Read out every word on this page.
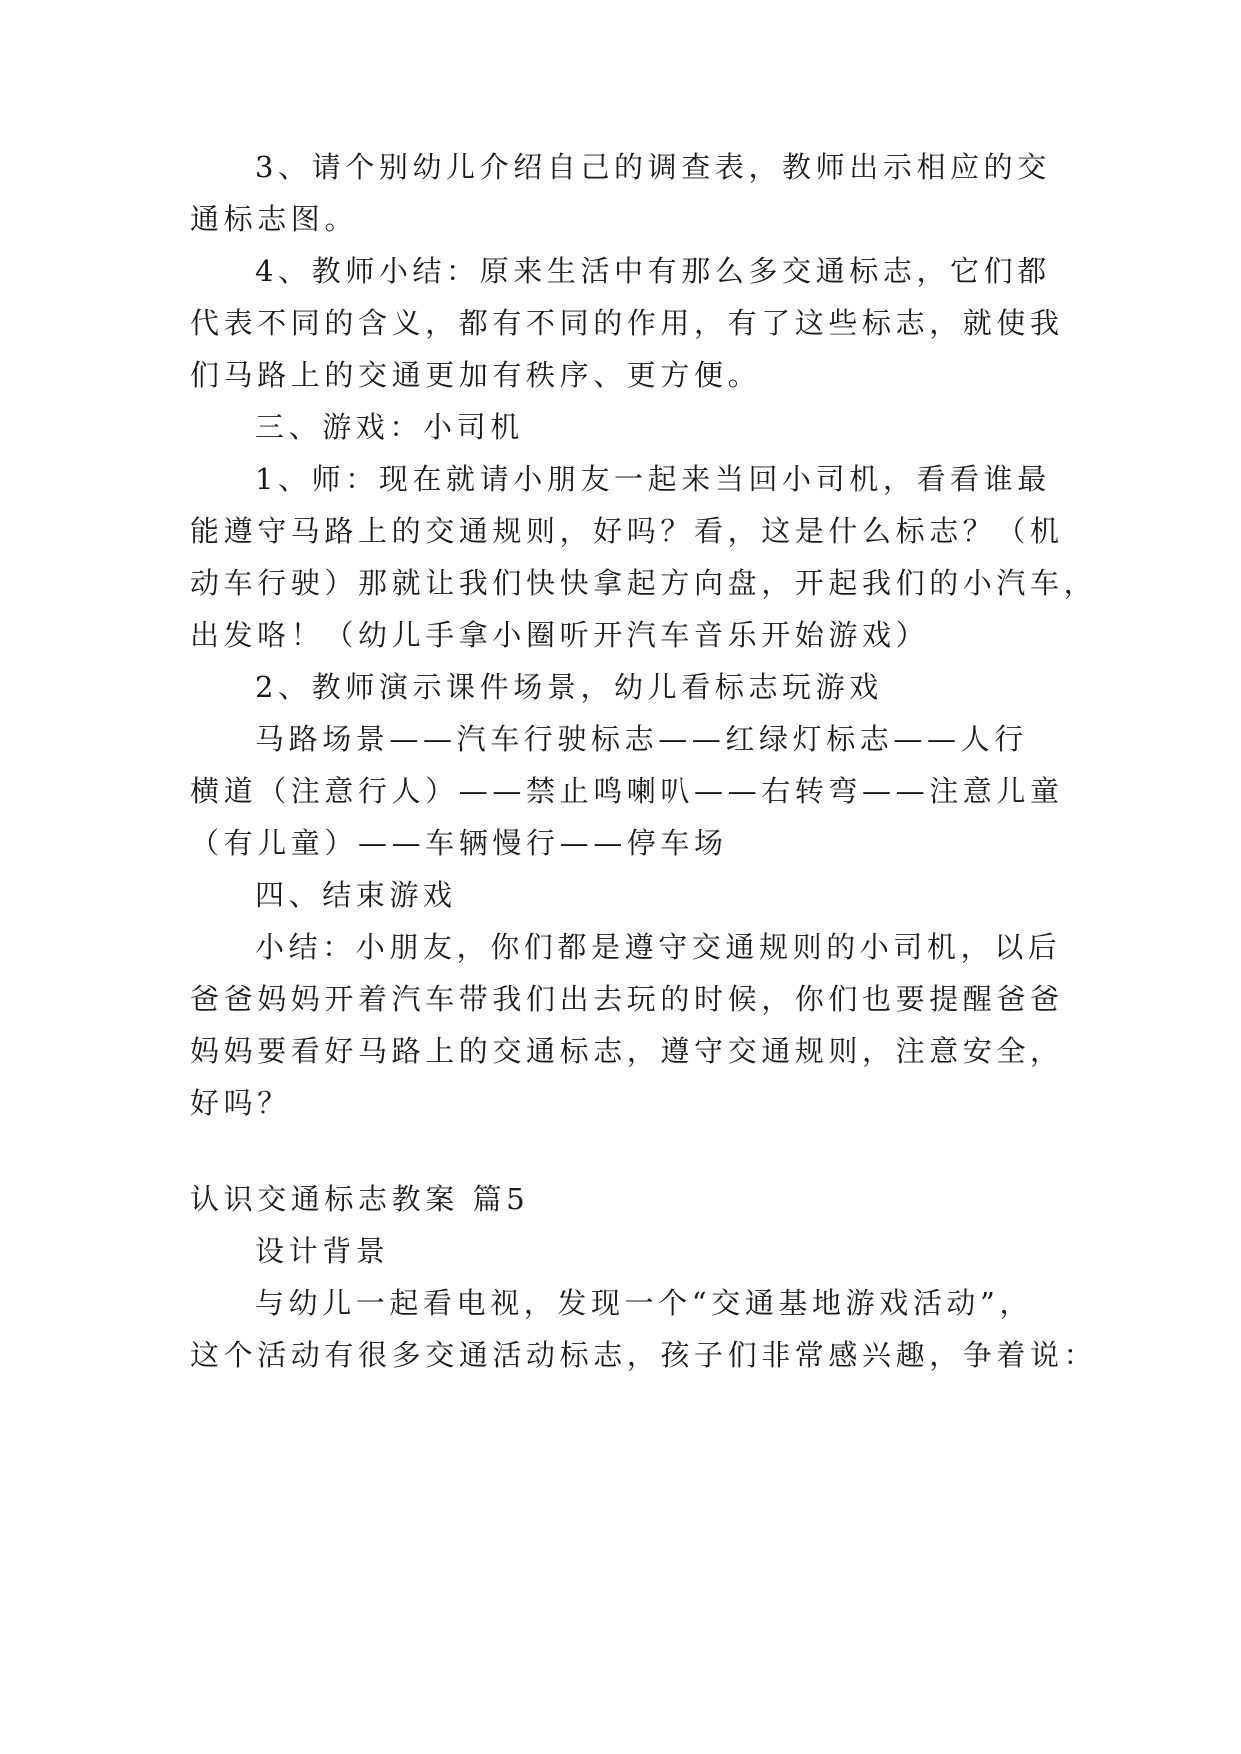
3、请个别幼儿介绍自己的调查表，教师出示相应的交
通标志图。
4、教师小结：原来生活中有那么多交通标志，它们都
代表不同的含义，都有不同的作用，有了这些标志，就使我
们马路上的交通更加有秩序、更方便。
三、游戏：小司机
1、师：现在就请小朋友一起来当回小司机，看看谁最
能遵守马路上的交通规则，好吗？看，这是什么标志？（机
动车行驶）那就让我们快快拿起方向盘，开起我们的小汽车，
出发咯！（幼儿手拿小圈听开汽车音乐开始游戏）
2、教师演示课件场景，幼儿看标志玩游戏
马路场景——汽车行驶标志——红绿灯标志——人行
横道（注意行人）——禁止鸣喇叭——右转弯——注意儿童
（有儿童）——车辆慢行——停车场
四、结束游戏
小结：小朋友，你们都是遵守交通规则的小司机，以后
爸爸妈妈开着汽车带我们出去玩的时候，你们也要提醒爸爸
妈妈要看好马路上的交通标志，遵守交通规则，注意安全，
好吗？
认识交通标志教案 篇5
设计背景
与幼儿一起看电视，发现一个“交通基地游戏活动”，
这个活动有很多交通活动标志，孩子们非常感兴趣，争着说：
